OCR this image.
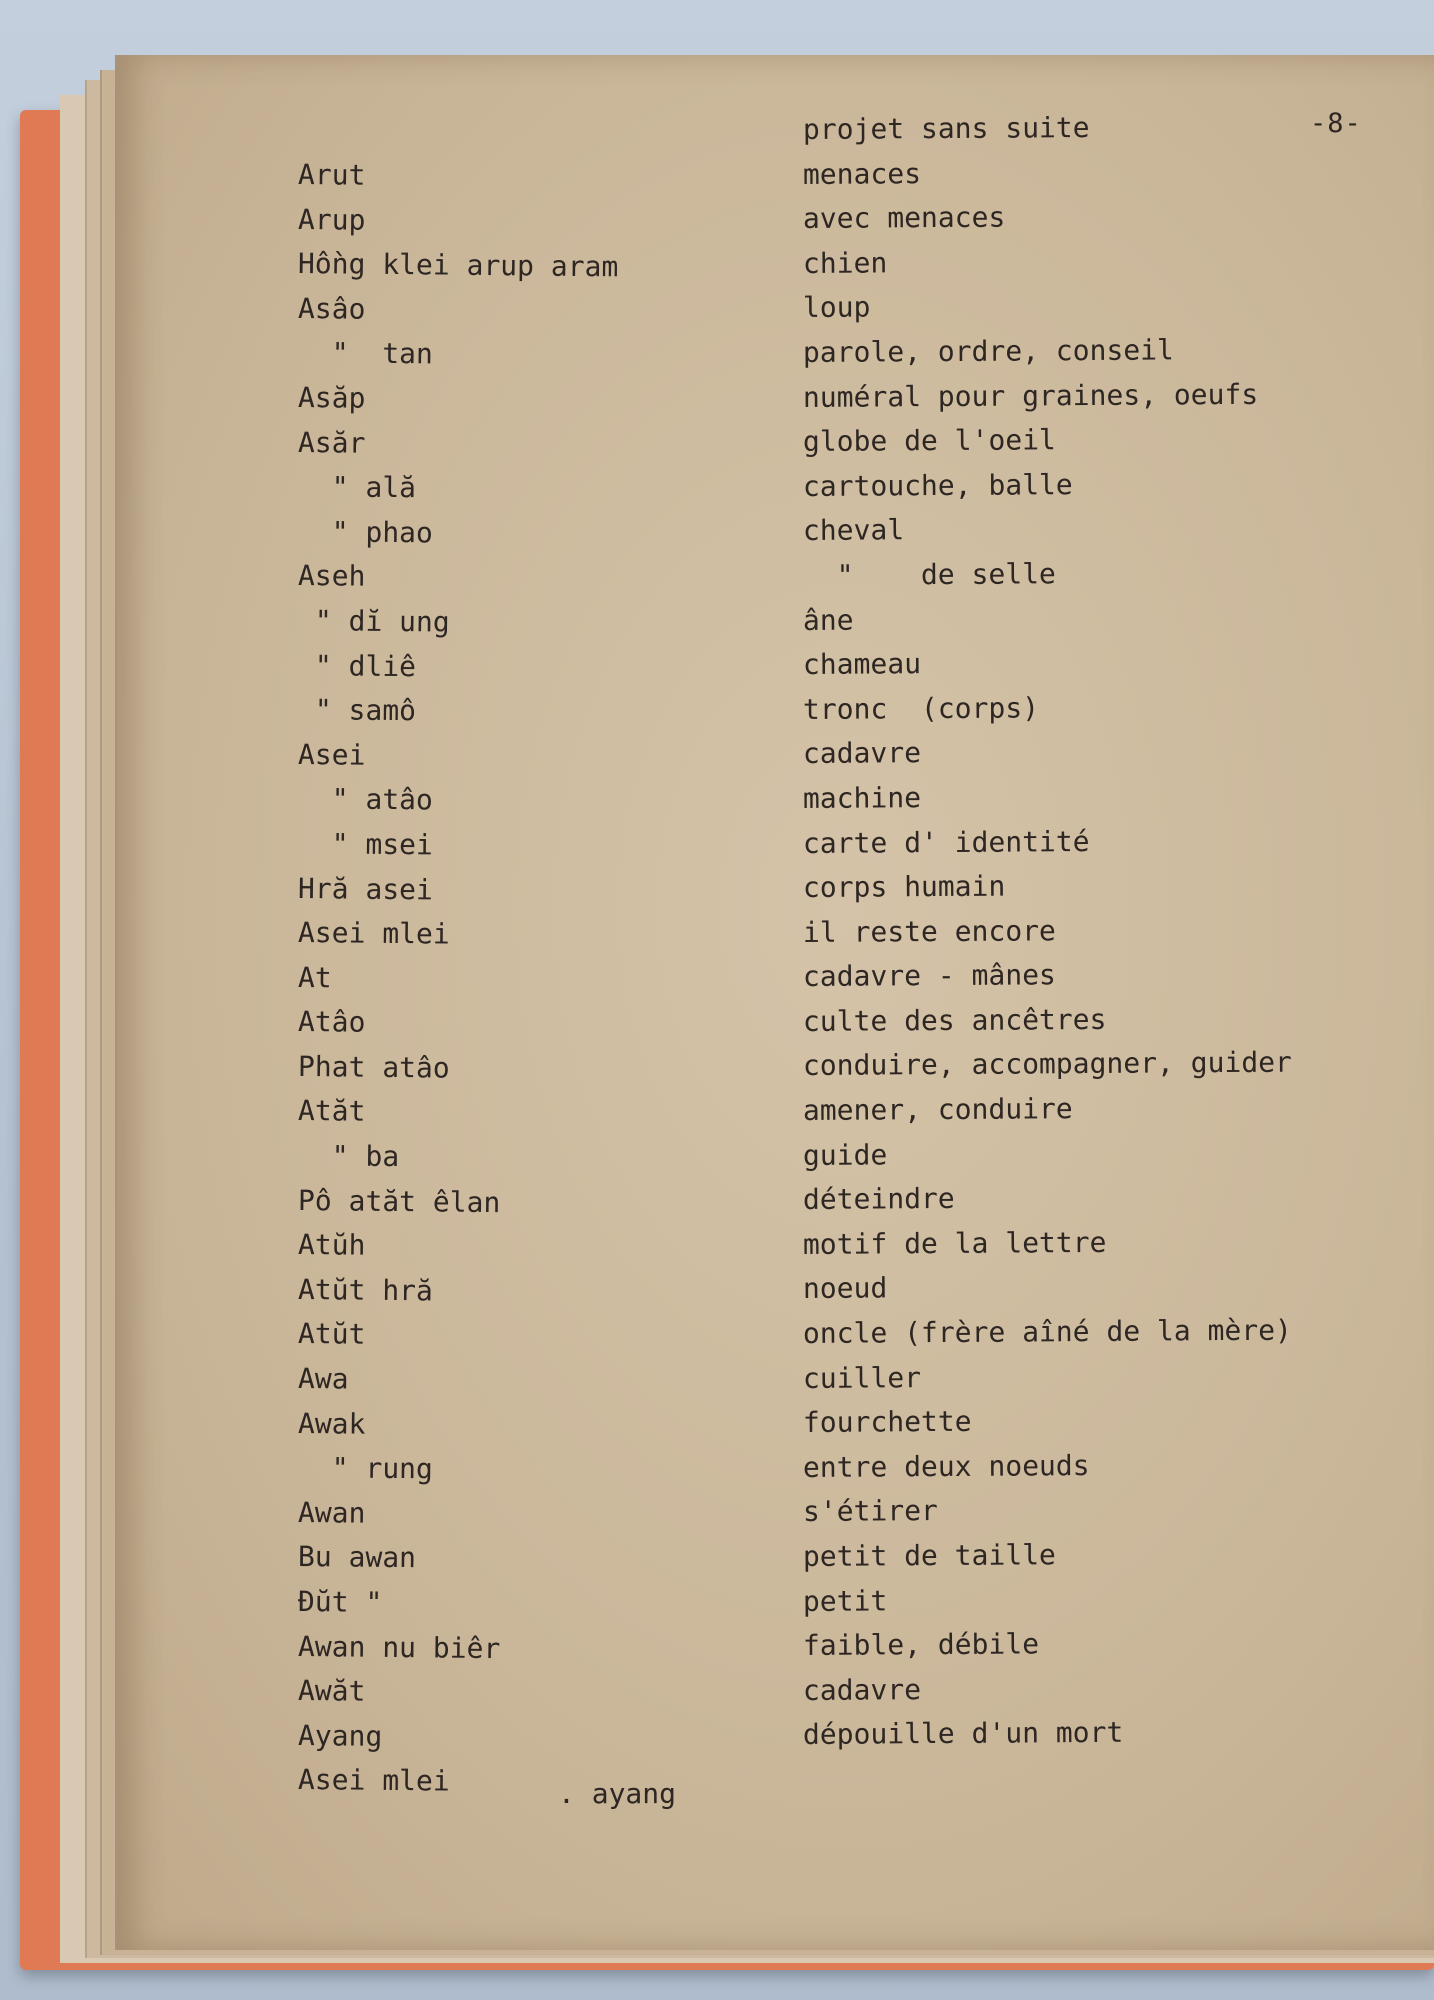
-8-
Arut
Arup
Hồng klei arup aram
Asâo
"  tan
Asăp
Asăr
" ală
" phao
Aseh
" dĭ ung
" dliê
" samô
Asei
" atâo
" msei
Hră asei
Asei mlei
At
Atâo
Phat atâo
Atăt
" ba
Pô atăt êlan
Atŭh
Atŭt hră
Atŭt
Awa
Awak
" rung
Awan
Bu awan
Đŭt "
Awan nu biêr
Awăt
Ayang
Asei mlei
projet sans suite
menaces
avec menaces
chien
loup
parole, ordre, conseil
numéral pour graines, oeufs
globe de l'oeil
cartouche, balle
cheval
"    de selle
âne
chameau
tronc  (corps)
cadavre
machine
carte d' identité
corps humain
il reste encore
cadavre - mânes
culte des ancêtres
conduire, accompagner, guider
amener, conduire
guide
déteindre
motif de la lettre
noeud
oncle (frère aîné de la mère)
cuiller
fourchette
entre deux noeuds
s'étirer
petit de taille
petit
faible, débile
cadavre
dépouille d'un mort
. ayang
